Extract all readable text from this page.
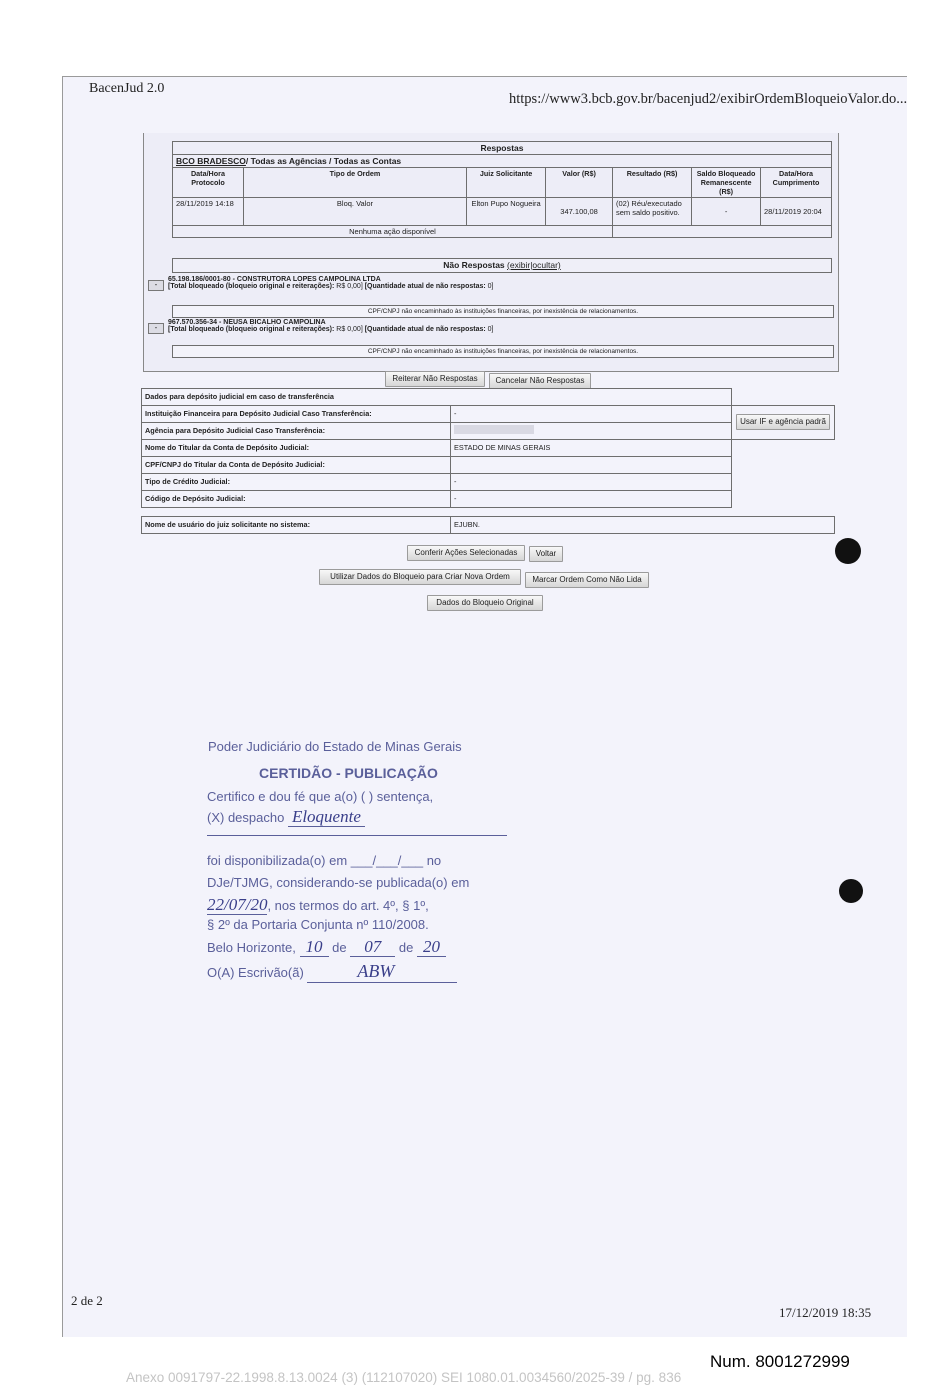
BacenJud 2.0
https://www3.bcb.gov.br/bacenjud2/exibirOrdemBloqueioValor.do...
Respostas						
BCO BRADESCO/ Todas as Agências / Todas as Contas						
Data/Hora Protocolo	Tipo de Ordem	Juiz Solicitante	Valor (R$)	Resultado (R$)	Saldo Bloqueado Remanescente (R$)	Data/Hora Cumprimento
28/11/2019 14:18	Bloq. Valor	Elton Pupo Nogueira	347.100,08	(02) Réu/executado sem saldo positivo.	-	28/11/2019 20:04
Nenhuma ação disponível						
Não Respostas (exibir|ocultar)
-
65.198.186/0001-80 - CONSTRUTORA LOPES CAMPOLINA LTDA
[Total bloqueado (bloqueio original e reiterações): R$ 0,00] [Quantidade atual de não respostas: 0]
CPF/CNPJ não encaminhado às instituições financeiras, por inexistência de relacionamentos.
-
967.570.356-34 - NEUSA BICALHO CAMPOLINA
[Total bloqueado (bloqueio original e reiterações): R$ 0,00] [Quantidade atual de não respostas: 0]
CPF/CNPJ não encaminhado às instituições financeiras, por inexistência de relacionamentos.
Reiterar Não Respostas	Cancelar Não Respostas
Dados para depósito judicial em caso de transferência		
Instituição Financeira para Depósito Judicial Caso Transferência:	-	Usar IF e agência padrã
Agência para Depósito Judicial Caso Transferência:		
Nome do Titular da Conta de Depósito Judicial:	ESTADO DE MINAS GERAIS	
CPF/CNPJ do Titular da Conta de Depósito Judicial:		
Tipo de Crédito Judicial:	-	
Código de Depósito Judicial:	-	

Nome de usuário do juiz solicitante no sistema:	EJUBN.	
Conferir Ações Selecionadas	Voltar
Utilizar Dados do Bloqueio para Criar Nova Ordem	Marcar Ordem Como Não Lida
Dados do Bloqueio Original
Poder Judiciário do Estado de Minas Gerais
CERTIDÃO - PUBLICAÇÃO
Certifico e dou fé que a(o) ( ) sentença,
(X) despacho Eloquente
foi disponibilizada(o) em ___/___/___ no
DJe/TJMG, considerando-se publicada(o) em
22/07/20, nos termos do art. 4º, § 1º,
§ 2º da Portaria Conjunta nº 110/2008.
Belo Horizonte, 10 de 07 de 20
O(A) Escrivão(ã)	ABW
2 de 2
17/12/2019 18:35
Num. 8001272999
Anexo 0091797-22.1998.8.13.0024 (3) (112107020) SEI 1080.01.0034560/2025-39 / pg. 836
